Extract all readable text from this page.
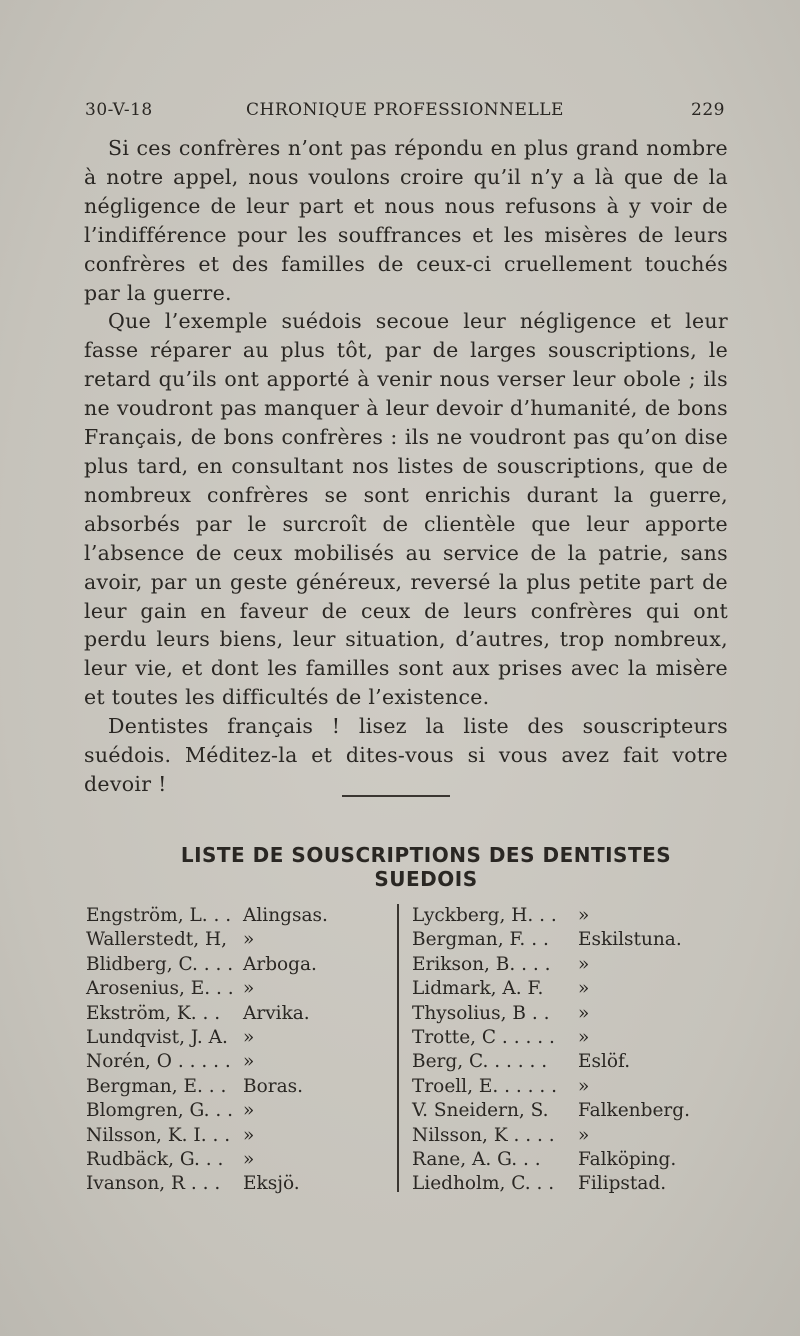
30-V-18	CHRONIQUE PROFESSIONNELLE	229

Si ces confrères n’ont pas répondu en plus grand nombre à notre appel, nous voulons croire qu’il n’y a là que de la négligence de leur part et nous nous refusons à y voir de l’indifférence pour les souffrances et les misères de leurs confrères et des familles de ceux-ci cruellement touchés par la guerre.

Que l’exemple suédois secoue leur négligence et leur fasse réparer au plus tôt, par de larges souscriptions, le retard qu’ils ont apporté à venir nous verser leur obole ; ils ne voudront pas manquer à leur devoir d’humanité, de bons Français, de bons confrères : ils ne voudront pas qu’on dise plus tard, en consultant nos listes de souscriptions, que de nombreux confrères se sont enrichis durant la guerre, absorbés par le surcroît de clientèle que leur apporte l’absence de ceux mobilisés au service de la patrie, sans avoir, par un geste généreux, reversé la plus petite part de leur gain en faveur de ceux de leurs confrères qui ont perdu leurs biens, leur situation, d’autres, trop nombreux, leur vie, et dont les familles sont aux prises avec la misère et toutes les difficultés de l’existence.

Dentistes français ! lisez la liste des souscripteurs suédois. Méditez-la et dites-vous si vous avez fait votre devoir !

LISTE DE SOUSCRIPTIONS DES DENTISTES
SUEDOIS
Engström, L. . . Alingsas.
Wallerstedt, H, »
Blidberg, C. . . . Arboga.
Arosenius, E. . . »
Ekström, K. . . Arvika.
Lundqvist, J. A. »
Norén, O . . . . . »
Bergman, E. . . Boras.
Blomgren, G. . . »
Nilsson, K. I. . . »
Rudbäck, G. . . »
Ivanson, R . . . Eksjö.
Lyckberg, H. . . »
Bergman, F. . . Eskilstuna.
Erikson, B. . . . »
Lidmark, A. F. »
Thysolius, B . . »
Trotte, C . . . . . »
Berg, C. . . . . . Eslöf.
Troell, E. . . . . . »
V. Sneidern, S. Falkenberg.
Nilsson, K . . . . »
Rane, A. G. . . Falköping.
Liedholm, C. . . Filipstad.
